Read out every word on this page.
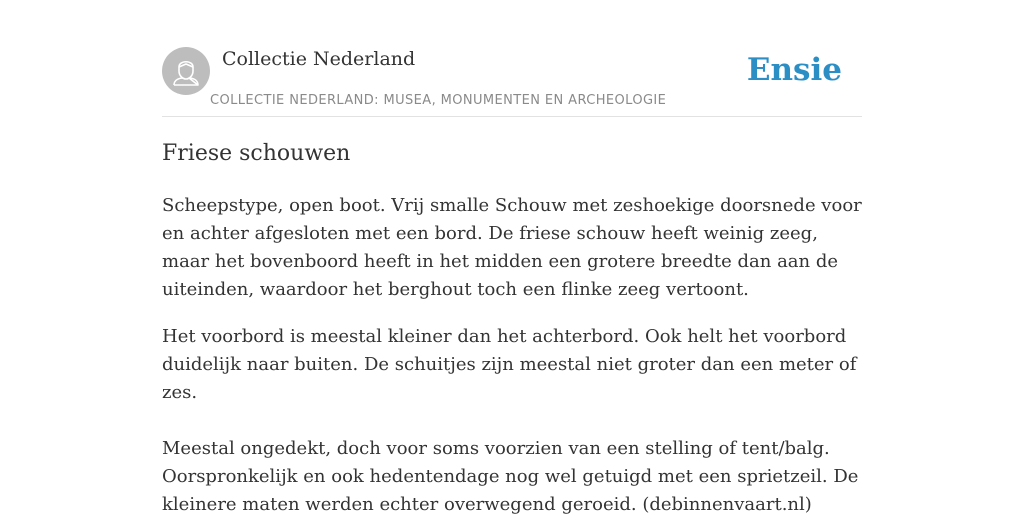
Collectie Nederland
COLLECTIE NEDERLAND: MUSEA, MONUMENTEN EN ARCHEOLOGIE
Ensie
Friese schouwen

Scheepstype, open boot. Vrij smalle Schouw met zeshoekige doorsnede voor en achter afgesloten met een bord. De friese schouw heeft weinig zeeg, maar het bovenboord heeft in het midden een grotere breedte dan aan de uiteinden, waardoor het berghout toch een flinke zeeg vertoont.

Het voorbord is meestal kleiner dan het achterbord. Ook helt het voorbord duidelijk naar buiten. De schuitjes zijn meestal niet groter dan een meter of zes.

Meestal ongedekt, doch voor soms voorzien van een stelling of tent/balg. Oorspronkelijk en ook hedentendage nog wel getuigd met een sprietzeil. De kleinere maten werden echter overwegend geroeid. (debinnenvaart.nl)
